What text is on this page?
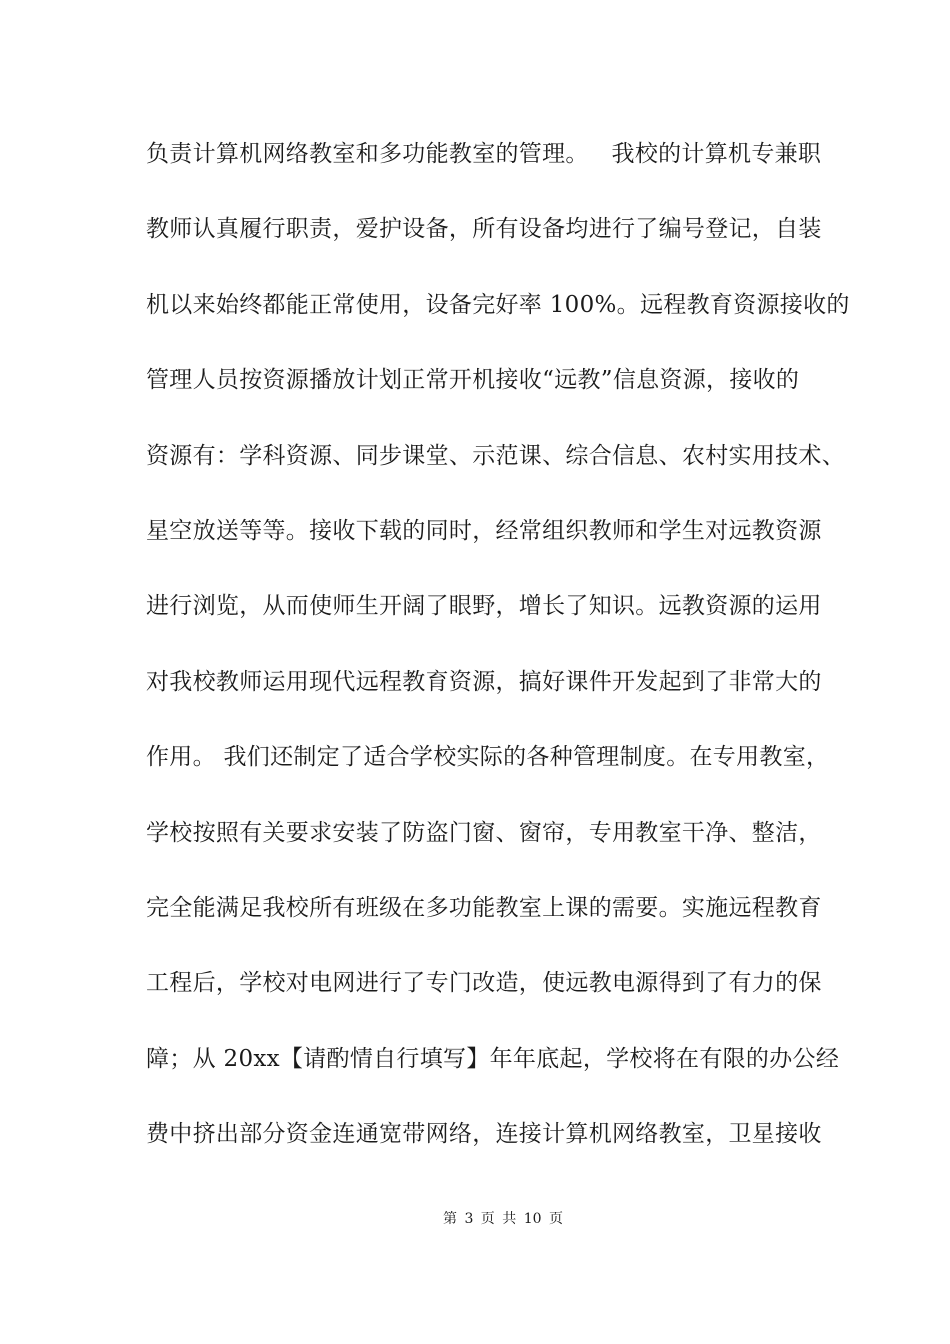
负责计算机网络教室和多功能教室的管理。   我校的计算机专兼职
教师认真履行职责，爱护设备，所有设备均进行了编号登记，自装
机以来始终都能正常使用，设备完好率 100%。远程教育资源接收的
管理人员按资源播放计划正常开机接收“远教”信息资源，接收的
资源有：学科资源、同步课堂、示范课、综合信息、农村实用技术、
星空放送等等。接收下载的同时，经常组织教师和学生对远教资源
进行浏览，从而使师生开阔了眼野，增长了知识。远教资源的运用
对我校教师运用现代远程教育资源，搞好课件开发起到了非常大的
作用。 我们还制定了适合学校实际的各种管理制度。在专用教室，
学校按照有关要求安装了防盗门窗、窗帘，专用教室干净、整洁，
完全能满足我校所有班级在多功能教室上课的需要。实施远程教育
工程后，学校对电网进行了专门改造，使远教电源得到了有力的保
障；从 20xx【请酌情自行填写】年年底起，学校将在有限的办公经
费中挤出部分资金连通宽带网络，连接计算机网络教室，卫星接收
第 3 页 共 10 页
